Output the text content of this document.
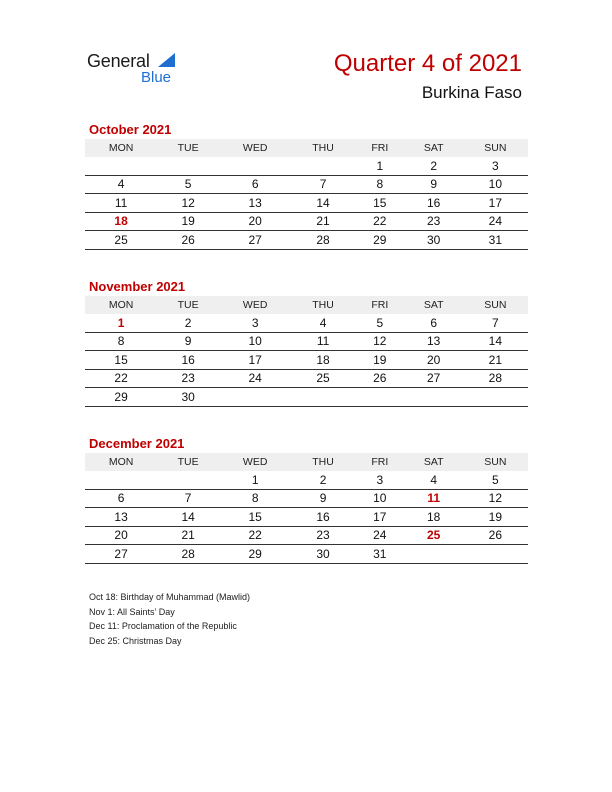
General
Blue
Quarter 4 of 2021
Burkina Faso
October 2021
MON	TUE	WED	THU	FRI	SAT	SUN
				1	2	3
4	5	6	7	8	9	10
11	12	13	14	15	16	17
18	19	20	21	22	23	24
25	26	27	28	29	30	31
November 2021
MON	TUE	WED	THU	FRI	SAT	SUN
1	2	3	4	5	6	7
8	9	10	11	12	13	14
15	16	17	18	19	20	21
22	23	24	25	26	27	28
29	30					
December 2021
MON	TUE	WED	THU	FRI	SAT	SUN
		1	2	3	4	5
6	7	8	9	10	11	12
13	14	15	16	17	18	19
20	21	22	23	24	25	26
27	28	29	30	31		
Oct 18: Birthday of Muhammad (Mawlid)
Nov 1: All Saints’ Day
Dec 11: Proclamation of the Republic
Dec 25: Christmas Day
